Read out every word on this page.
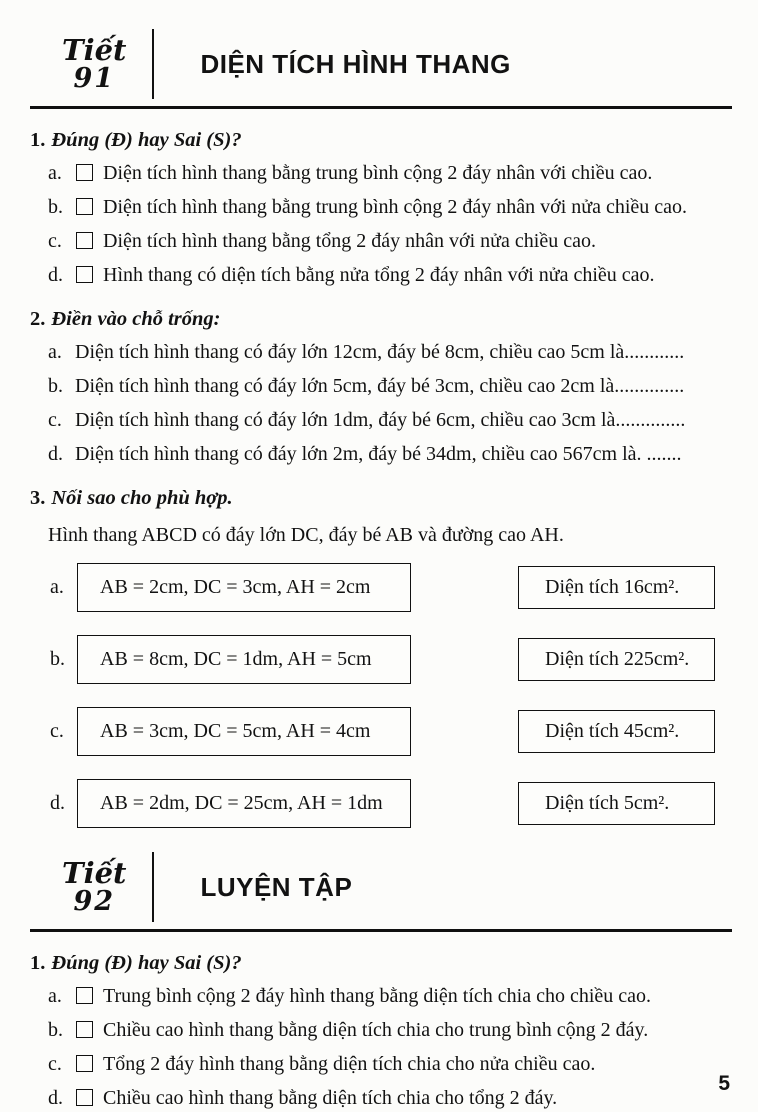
Tiết
91	DIỆN TÍCH HÌNH THANG
1. Đúng (Đ) hay Sai (S)?
a.	Diện tích hình thang bằng trung bình cộng 2 đáy nhân với chiều cao.
b.	Diện tích hình thang bằng trung bình cộng 2 đáy nhân với nửa chiều cao.
c.	Diện tích hình thang bằng tổng 2 đáy nhân với nửa chiều cao.
d.	Hình thang có diện tích bằng nửa tổng 2 đáy nhân với nửa chiều cao.
2. Điền vào chỗ trống:
a. Diện tích hình thang có đáy lớn 12cm, đáy bé 8cm, chiều cao 5cm là............
b. Diện tích hình thang có đáy lớn 5cm, đáy bé 3cm, chiều cao 2cm là..............
c. Diện tích hình thang có đáy lớn 1dm, đáy bé 6cm, chiều cao 3cm là..............
d. Diện tích hình thang có đáy lớn 2m, đáy bé 34dm, chiều cao 567cm là. .......
3. Nối sao cho phù hợp.
Hình thang ABCD có đáy lớn DC, đáy bé AB và đường cao AH.
a.	AB = 2cm, DC = 3cm, AH = 2cm	Diện tích 16cm².
b.	AB = 8cm, DC = 1dm, AH = 5cm	Diện tích 225cm².
c.	AB = 3cm, DC = 5cm, AH = 4cm	Diện tích 45cm².
d.	AB = 2dm, DC = 25cm, AH = 1dm	Diện tích 5cm².
Tiết
92	LUYỆN TẬP
1. Đúng (Đ) hay Sai (S)?
a.	Trung bình cộng 2 đáy hình thang bằng diện tích chia cho chiều cao.
b.	Chiều cao hình thang bằng diện tích chia cho trung bình cộng 2 đáy.
c.	Tổng 2 đáy hình thang bằng diện tích chia cho nửa chiều cao.
d.	Chiều cao hình thang bằng diện tích chia cho tổng 2 đáy.
5
